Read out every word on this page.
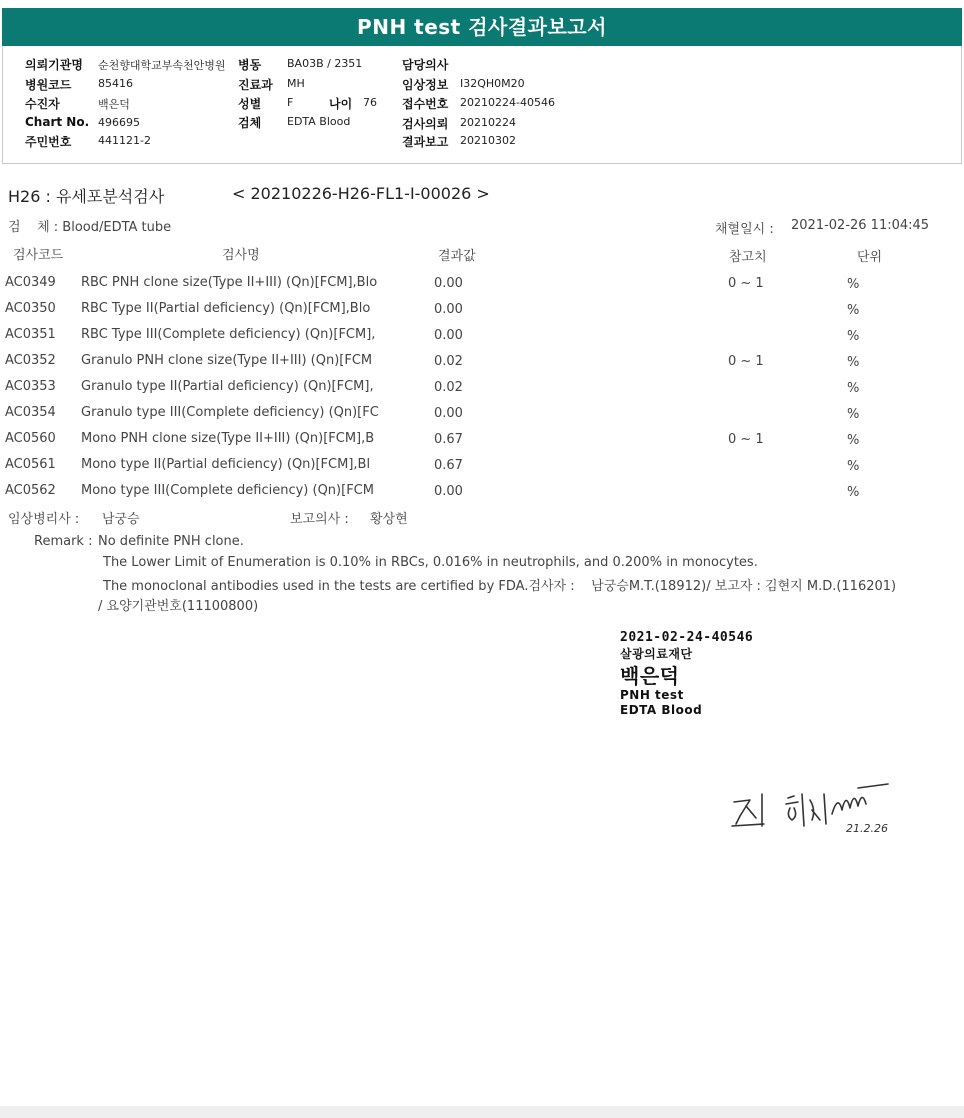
PNH test 검사결과보고서
의뢰기관명 순천향대학교부속천안병원
병원코드 85416
수진자	백은덕
Chart No. 496695
주민번호 441121-2
병동 BA03B / 2351
진료과 MH
성별 F	나이 76
검체 EDTA Blood
담당의사
임상정보 I32QH0M20
접수번호 20210224-40546
검사의뢰 20210224
결과보고 20210302
H26 : 유세포분석검사	< 20210226-H26-FL1-I-00026 >
검    체 : Blood/EDTA tube	채혈일시 : 2021-02-26 11:04:45
검사코드	검사명	결과값	참고치	단위
AC0349 RBC PNH clone size(Type II+III) (Qn)[FCM],Blo	0.00	0 ~ 1	%
AC0350 RBC Type II(Partial deficiency) (Qn)[FCM],Blo	0.00	%
AC0351 RBC Type III(Complete deficiency) (Qn)[FCM],	0.00	%
AC0352 Granulo PNH clone size(Type II+III) (Qn)[FCM	0.02	0 ~ 1	%
AC0353 Granulo type II(Partial deficiency) (Qn)[FCM],	0.02	%
AC0354 Granulo type III(Complete deficiency) (Qn)[FC	0.00	%
AC0560 Mono PNH clone size(Type II+III) (Qn)[FCM],B	0.67	0 ~ 1	%
AC0561 Mono type II(Partial deficiency) (Qn)[FCM],Bl	0.67	%
AC0562 Mono type III(Complete deficiency) (Qn)[FCM	0.00	%
임상병리사 : 남궁승	보고의사 : 황상현
Remark : No definite PNH clone.
The Lower Limit of Enumeration is 0.10% in RBCs, 0.016% in neutrophils, and 0.200% in monocytes.
The monoclonal antibodies used in the tests are certified by FDA.검사자 :    남궁승M.T.(18912)/ 보고자 : 김현지 M.D.(116201)
/ 요양기관번호(11100800)
2021-02-24-40546
살광의료재단
백은덕
PNH test
EDTA Blood
21.2.26
